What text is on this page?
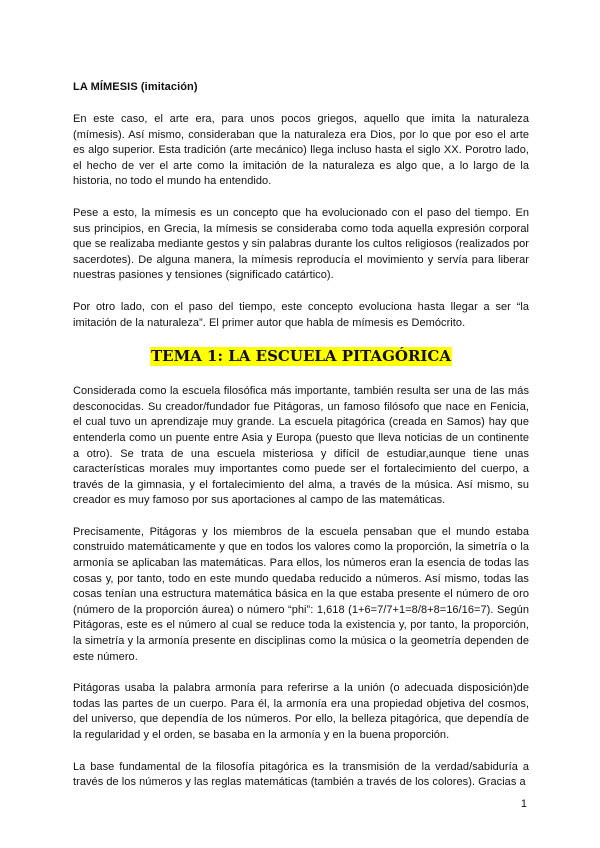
LA MÍMESIS (imitación)

En este caso, el arte era, para unos pocos griegos, aquello que imita la naturaleza (mímesis). Así mismo, consideraban que la naturaleza era Dios, por lo que por eso el arte es algo superior. Esta tradición (arte mecánico) llega incluso hasta el siglo XX. Porotro lado, el hecho de ver el arte como la imitación de la naturaleza es algo que, a lo largo de la historia, no todo el mundo ha entendido.

Pese a esto, la mímesis es un concepto que ha evolucionado con el paso del tiempo. En sus principios, en Grecia, la mímesis se consideraba como toda aquella expresión corporal que se realizaba mediante gestos y sin palabras durante los cultos religiosos (realizados por sacerdotes). De alguna manera, la mímesis reproducía el movimiento y servía para liberar nuestras pasiones y tensiones (significado catártico).

Por otro lado, con el paso del tiempo, este concepto evoluciona hasta llegar a ser “la imitación de la naturaleza”. El primer autor que habla de mímesis es Demócrito.

TEMA 1: LA ESCUELA PITAGÓRICA

Considerada como la escuela filosófica más importante, también resulta ser una de las más desconocidas. Su creador/fundador fue Pitágoras, un famoso filósofo que nace en Fenicia, el cual tuvo un aprendizaje muy grande. La escuela pitagórica (creada en Samos) hay que entenderla como un puente entre Asia y Europa (puesto que lleva noticias de un continente a otro). Se trata de una escuela misteriosa y difícil de estudiar,aunque tiene unas características morales muy importantes como puede ser el fortalecimiento del cuerpo, a través de la gimnasia, y el fortalecimiento del alma, a través de la música. Así mismo, su creador es muy famoso por sus aportaciones al campo de las matemáticas.

Precisamente, Pitágoras y los miembros de la escuela pensaban que el mundo estaba construido matemáticamente y que en todos los valores como la proporción, la simetría o la armonía se aplicaban las matemáticas. Para ellos, los números eran la esencia de todas las cosas y, por tanto, todo en este mundo quedaba reducido a números. Así mismo, todas las cosas tenían una estructura matemática básica en la que estaba presente el número de oro (número de la proporción áurea) o número “phi”: 1,618 (1+6=7/7+1=8/8+8=16/16=7). Según Pitágoras, este es el número al cual se reduce toda la existencia y, por tanto, la proporción, la simetría y la armonía presente en disciplinas como la música o la geometría dependen de este número.

Pitágoras usaba la palabra armonía para referirse a la unión (o adecuada disposición)de todas las partes de un cuerpo. Para él, la armonía era una propiedad objetiva del cosmos, del universo, que dependía de los números. Por ello, la belleza pitagórica, que dependía de la regularidad y el orden, se basaba en la armonía y en la buena proporción.

La base fundamental de la filosofía pitagórica es la transmisión de la verdad/sabiduría a través de los números y las reglas matemáticas (también a través de los colores). Gracias a

1
